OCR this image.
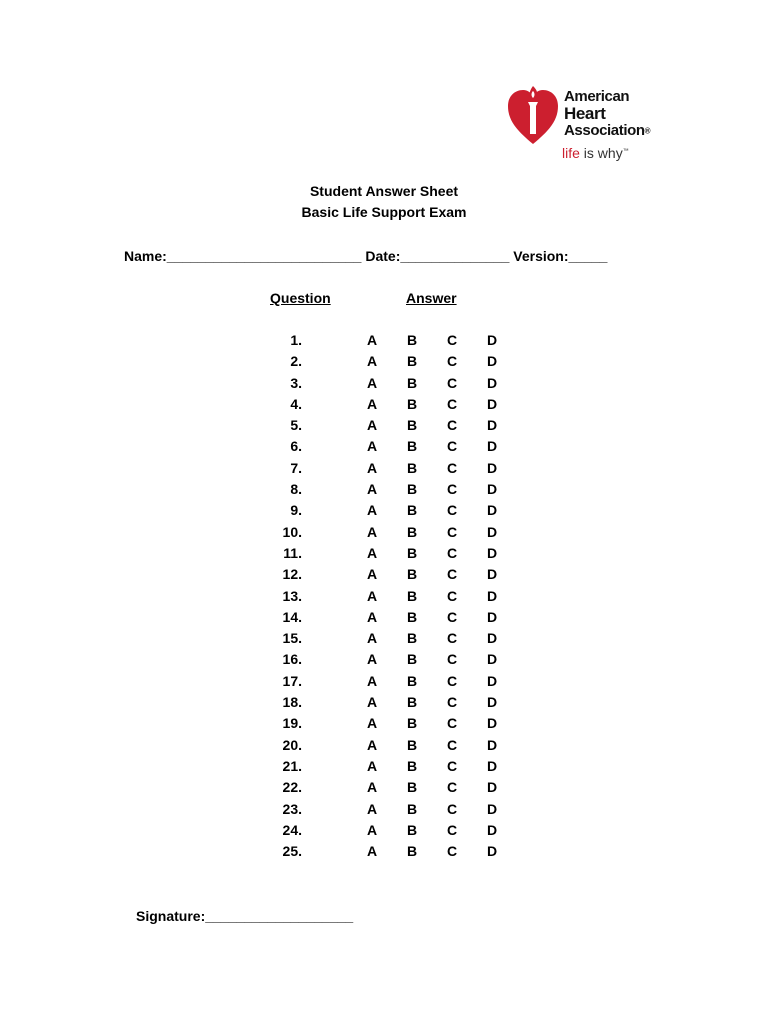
American
Heart
Association®
life is why™
Student Answer Sheet
Basic Life Support Exam
Name:_________________________ Date:______________ Version:_____
Question	Answer
1.	A B C D
2.	A B C D
3.	A B C D
4.	A B C D
5.	A B C D
6.	A B C D
7.	A B C D
8.	A B C D
9.	A B C D
10.	A B C D
11.	A B C D
12.	A B C D
13.	A B C D
14.	A B C D
15.	A B C D
16.	A B C D
17.	A B C D
18.	A B C D
19.	A B C D
20.	A B C D
21.	A B C D
22.	A B C D
23.	A B C D
24.	A B C D
25.	A B C D
Signature:___________________
